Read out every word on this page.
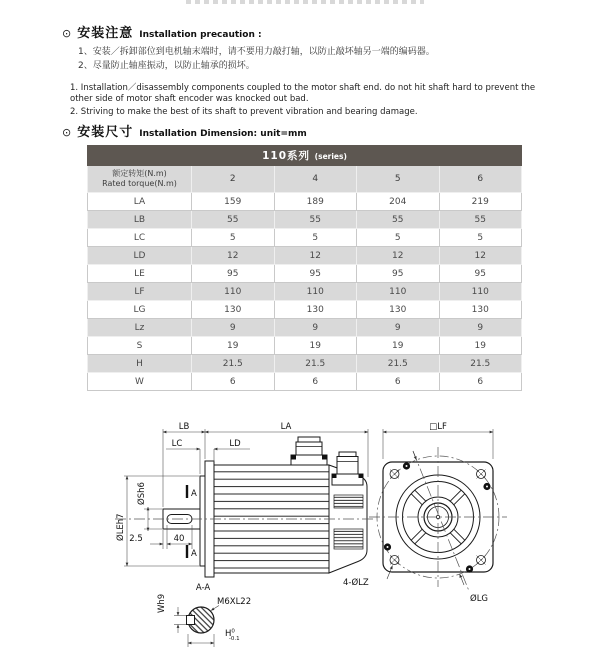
⊙ 安装注意 Installation precaution :
1、安装／拆卸部位到电机轴末端时，请不要用力敲打轴，以防止敲坏轴另一端的编码器。
2、尽量防止轴座振动，以防止轴承的损坏。
1. Installation／disassembly components coupled to the motor shaft end. do not hit shaft hard to prevent the other side of motor shaft encoder was knocked out bad.
2. Striving to make the best of its shaft to prevent vibration and bearing damage.
⊙ 安装尺寸 Installation Dimension: unit=mm
110系列 (series)				

额定转矩(N.m)
Rated torque(N.m)	2	4	5	6
LA	159	189	204	219
LB	55	55	55	55
LC	5	5	5	5
LD	12	12	12	12
LE	95	95	95	95
LF	110	110	110	110
LG	130	130	130	130
Lz	9	9	9	9
S	19	19	19	19
H	21.5	21.5	21.5	21.5
W	6	6	6	6
LB	LA
LC	LD
ØLEh7
ØSh6
2.5	40
A
A
A-A
Wh9	M6XL22
$H^0$ -0.1
□LF
4-ØLZ
ØLG
